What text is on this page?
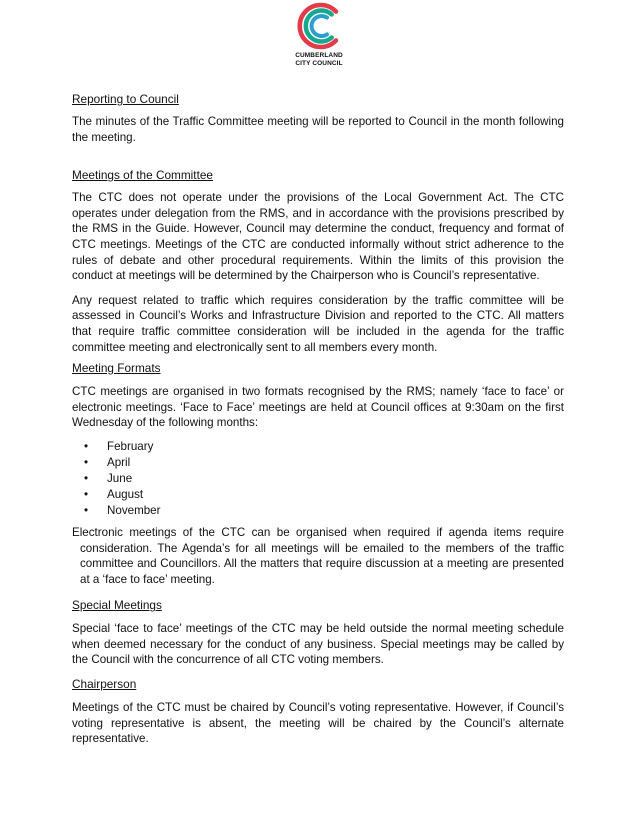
CUMBERLAND
CITY COUNCIL
Reporting to Council

The minutes of the Traffic Committee meeting will be reported to Council in the month following the meeting.

Meetings of the Committee

The CTC does not operate under the provisions of the Local Government Act. The CTC operates under delegation from the RMS, and in accordance with the provisions prescribed by the RMS in the Guide. However, Council may determine the conduct, frequency and format of CTC meetings. Meetings of the CTC are conducted informally without strict adherence to the rules of debate and other procedural requirements. Within the limits of this provision the conduct at meetings will be determined by the Chairperson who is Council’s representative.

Any request related to traffic which requires consideration by the traffic committee will be assessed in Council’s Works and Infrastructure Division and reported to the CTC. All matters that require traffic committee consideration will be included in the agenda for the traffic committee meeting and electronically sent to all members every month.

Meeting Formats

CTC meetings are organised in two formats recognised by the RMS; namely ‘face to face’ or electronic meetings. ‘Face to Face’ meetings are held at Council offices at 9:30am on the first Wednesday of the following months:

• February
• April
• June
• August
• November

Electronic meetings of the CTC can be organised when required if agenda items require consideration. The Agenda’s for all meetings will be emailed to the members of the traffic committee and Councillors. All the matters that require discussion at a meeting are presented at a ‘face to face’ meeting.

Special Meetings

Special ‘face to face’ meetings of the CTC may be held outside the normal meeting schedule when deemed necessary for the conduct of any business. Special meetings may be called by the Council with the concurrence of all CTC voting members.

Chairperson

Meetings of the CTC must be chaired by Council’s voting representative. However, if Council’s voting representative is absent, the meeting will be chaired by the Council’s alternate representative.
